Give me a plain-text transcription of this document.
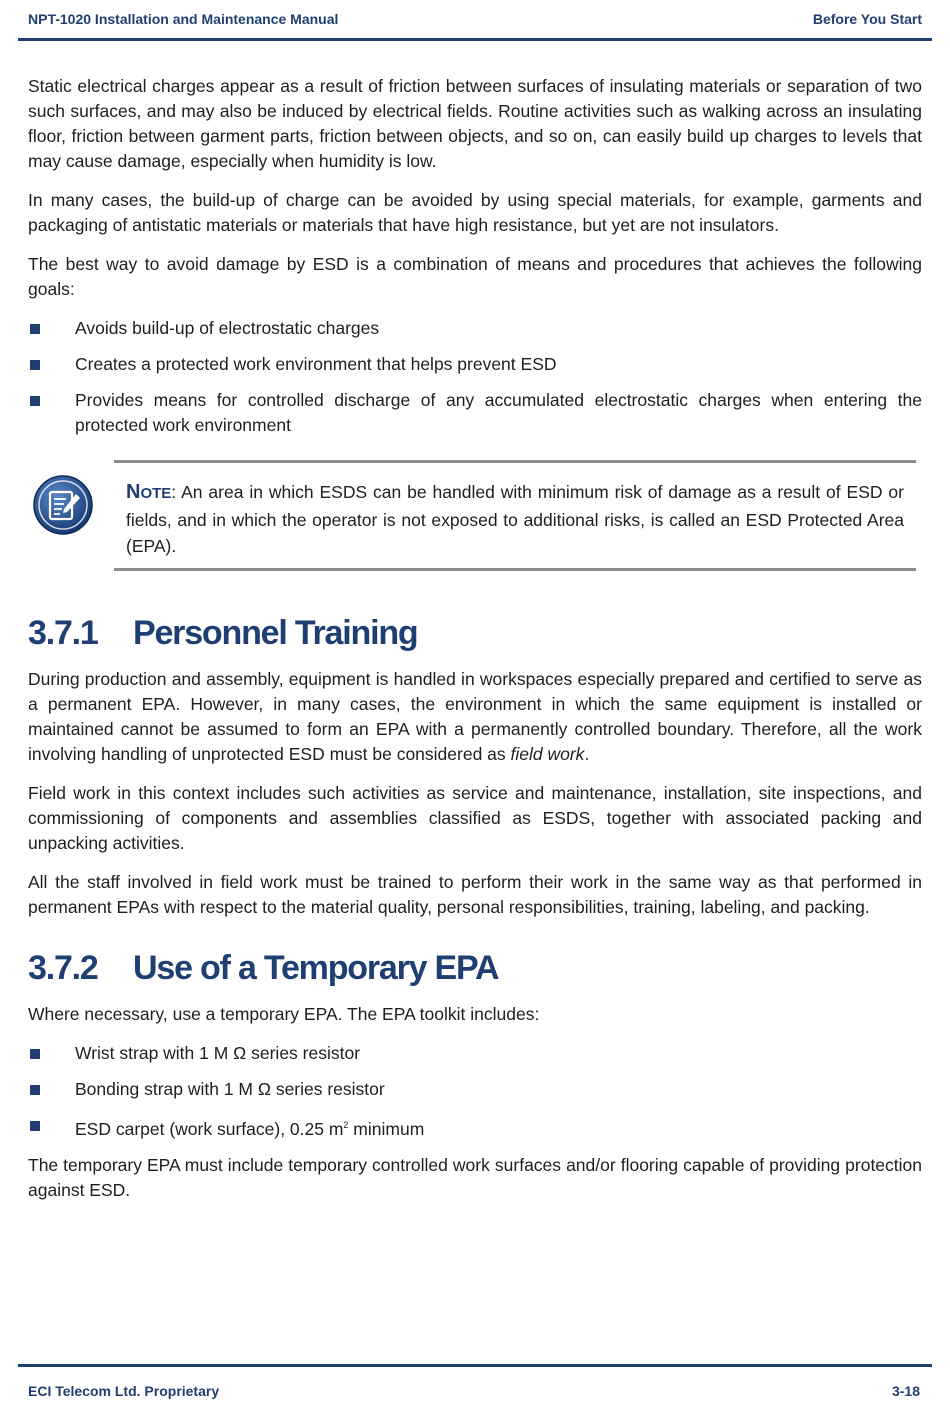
NPT-1020 Installation and Maintenance Manual	Before You Start

Static electrical charges appear as a result of friction between surfaces of insulating materials or separation of two such surfaces, and may also be induced by electrical fields. Routine activities such as walking across an insulating floor, friction between garment parts, friction between objects, and so on, can easily build up charges to levels that may cause damage, especially when humidity is low.

In many cases, the build-up of charge can be avoided by using special materials, for example, garments and packaging of antistatic materials or materials that have high resistance, but yet are not insulators.

The best way to avoid damage by ESD is a combination of means and procedures that achieves the following goals:

Avoids build-up of electrostatic charges
Creates a protected work environment that helps prevent ESD
Provides means for controlled discharge of any accumulated electrostatic charges when entering the protected work environment
NOTE: An area in which ESDS can be handled with minimum risk of damage as a result of ESD or fields, and in which the operator is not exposed to additional risks, is called an ESD Protected Area (EPA).
3.7.1 Personnel Training

During production and assembly, equipment is handled in workspaces especially prepared and certified to serve as a permanent EPA. However, in many cases, the environment in which the same equipment is installed or maintained cannot be assumed to form an EPA with a permanently controlled boundary. Therefore, all the work involving handling of unprotected ESD must be considered as field work.

Field work in this context includes such activities as service and maintenance, installation, site inspections, and commissioning of components and assemblies classified as ESDS, together with associated packing and unpacking activities.

All the staff involved in field work must be trained to perform their work in the same way as that performed in permanent EPAs with respect to the material quality, personal responsibilities, training, labeling, and packing.

3.7.2 Use of a Temporary EPA

Where necessary, use a temporary EPA. The EPA toolkit includes:

Wrist strap with 1 M Ω series resistor
Bonding strap with 1 M Ω series resistor
ESD carpet (work surface), 0.25 $m^2$ minimum

The temporary EPA must include temporary controlled work surfaces and/or flooring capable of providing protection against ESD.

ECI Telecom Ltd. Proprietary	3-18
